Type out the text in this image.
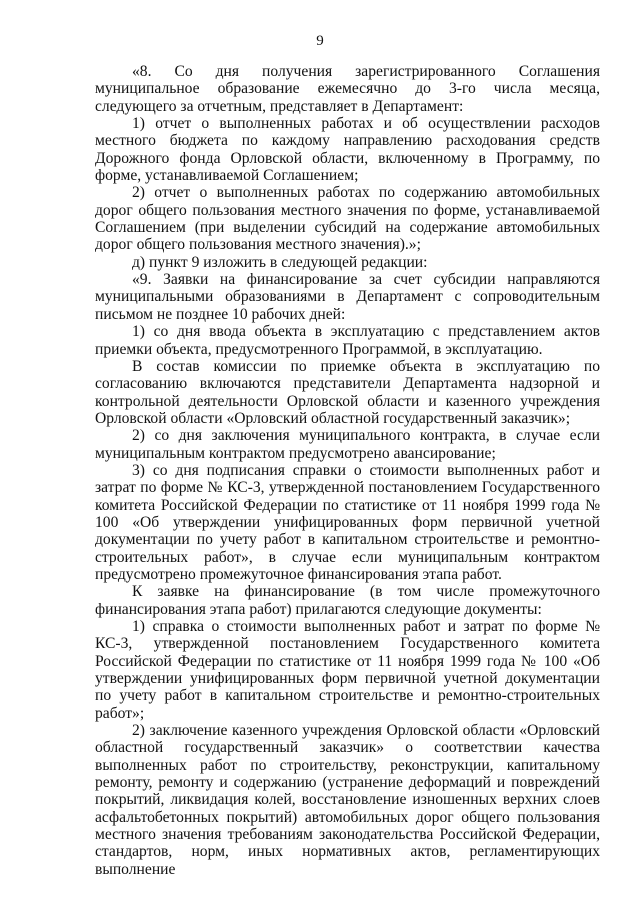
9

«8. Со дня получения зарегистрированного Соглашения муниципальное образование ежемесячно до 3-го числа месяца, следующего за отчетным, представляет в Департамент:

1) отчет о выполненных работах и об осуществлении расходов местного бюджета по каждому направлению расходования средств Дорожного фонда Орловской области, включенному в Программу, по форме, устанавливаемой Соглашением;

2) отчет о выполненных работах по содержанию автомобильных дорог общего пользования местного значения по форме, устанавливаемой Соглашением (при выделении субсидий на содержание автомобильных дорог общего пользования местного значения).»;

д) пункт 9 изложить в следующей редакции:

«9. Заявки на финансирование за счет субсидии направляются муниципальными образованиями в Департамент с сопроводительным письмом не позднее 10 рабочих дней:

1) со дня ввода объекта в эксплуатацию с представлением актов приемки объекта, предусмотренного Программой, в эксплуатацию.

В состав комиссии по приемке объекта в эксплуатацию по согласованию включаются представители Департамента надзорной и контрольной деятельности Орловской области и казенного учреждения Орловской области «Орловский областной государственный заказчик»;

2) со дня заключения муниципального контракта, в случае если муниципальным контрактом предусмотрено авансирование;

3) со дня подписания справки о стоимости выполненных работ и затрат по форме № КС-3, утвержденной постановлением Государственного комитета Российской Федерации по статистике от 11 ноября 1999 года № 100 «Об утверждении унифицированных форм первичной учетной документации по учету работ в капитальном строительстве и ремонтно-строительных работ», в случае если муниципальным контрактом предусмотрено промежуточное финансирования этапа работ.

К заявке на финансирование (в том числе промежуточного финансирования этапа работ) прилагаются следующие документы:

1) справка о стоимости выполненных работ и затрат по форме № КС-3, утвержденной постановлением Государственного комитета Российской Федерации по статистике от 11 ноября 1999 года № 100 «Об утверждении унифицированных форм первичной учетной документации по учету работ в капитальном строительстве и ремонтно-строительных работ»;

2) заключение казенного учреждения Орловской области «Орловский областной государственный заказчик» о соответствии качества выполненных работ по строительству, реконструкции, капитальному ремонту, ремонту и содержанию (устранение деформаций и повреждений покрытий, ликвидация колей, восстановление изношенных верхних слоев асфальтобетонных покрытий) автомобильных дорог общего пользования местного значения требованиям законодательства Российской Федерации, стандартов, норм, иных нормативных актов, регламентирующих выполнение
